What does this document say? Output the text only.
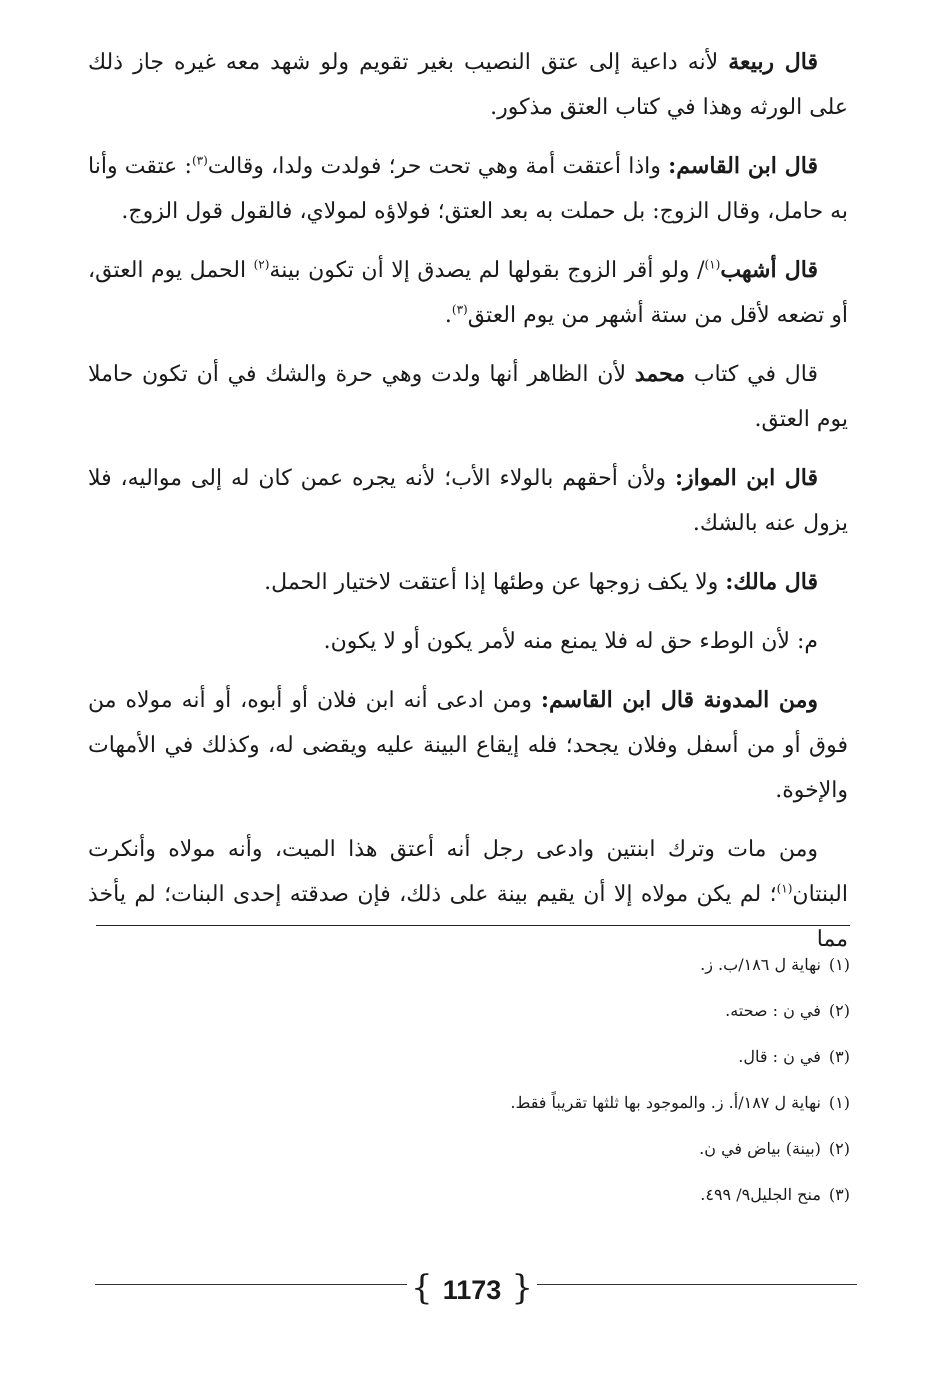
قال ربيعة لأنه داعية إلى عتق النصيب بغير تقويم ولو شهد معه غيره جاز ذلك على الورثه وهذا في كتاب العتق مذكور.

قال ابن القاسم: واذا أعتقت أمة وهي تحت حر؛ فولدت ولدا، وقالت$^{(٣)}$: عتقت وأنا به حامل، وقال الزوج: بل حملت به بعد العتق؛ فولاؤه لمولاي، فالقول قول الزوج.

قال أشهب$^{(١)}$/ ولو أقر الزوج بقولها لم يصدق إلا أن تكون بينة$^{(٢)}$ الحمل يوم العتق، أو تضعه لأقل من ستة أشهر من يوم العتق$^{(٣)}$.

قال في كتاب محمد لأن الظاهر أنها ولدت وهي حرة والشك في أن تكون حاملا يوم العتق.

قال ابن المواز: ولأن أحقهم بالولاء الأب؛ لأنه يجره عمن كان له إلى مواليه، فلا يزول عنه بالشك.

قال مالك: ولا يكف زوجها عن وطئها إذا أعتقت لاختيار الحمل.

م: لأن الوطء حق له فلا يمنع منه لأمر يكون أو لا يكون.

ومن المدونة قال ابن القاسم: ومن ادعى أنه ابن فلان أو أبوه، أو أنه مولاه من فوق أو من أسفل وفلان يجحد؛ فله إيقاع البينة عليه ويقضى له، وكذلك في الأمهات والإخوة.

ومن مات وترك ابنتين وادعى رجل أنه أعتق هذا الميت، وأنه مولاه وأنكرت البنتان$^{(١)}$؛ لم يكن مولاه إلا أن يقيم بينة على ذلك، فإن صدقته إحدى البنات؛ لم يأخذ مما

(١)نهاية ل ١٨٦/ب. ز.
(٢)في ن : صحته.
(٣)في ن : قال.
(١)نهاية ل ١٨٧/أ. ز. والموجود بها ثلثها تقريباً فقط.
(٢)(بينة) بياض في ن.
(٣)منح الجليل٩/ ٤٩٩.
{ 1173 }
